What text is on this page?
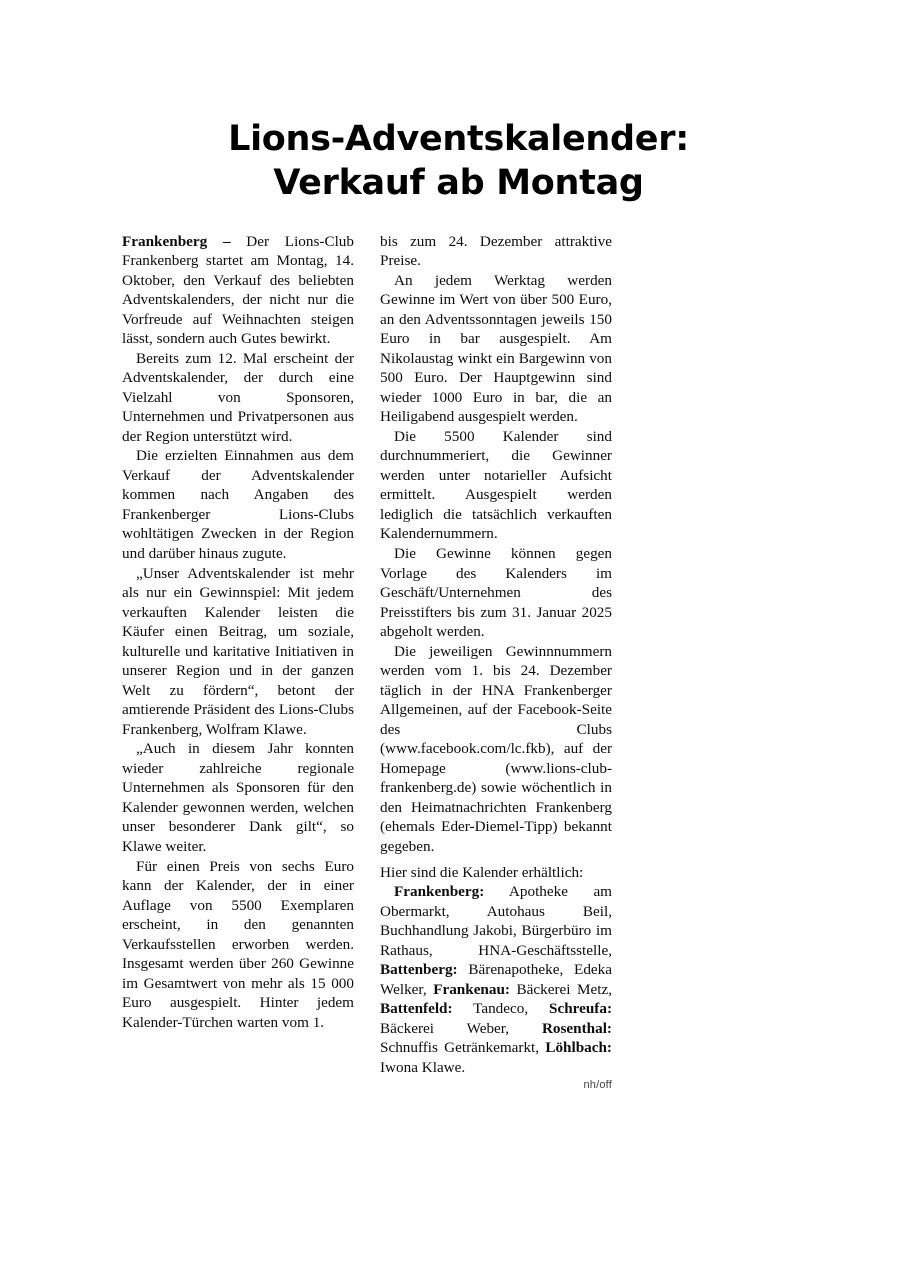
Lions-Adventskalender:
Verkauf ab Montag

Frankenberg – Der Lions-Club Frankenberg startet am Montag, 14. Oktober, den Verkauf des beliebten Adventskalenders, der nicht nur die Vorfreude auf Weihnachten steigen lässt, sondern auch Gutes bewirkt.

Bereits zum 12. Mal erscheint der Adventskalender, der durch eine Vielzahl von Sponsoren, Unternehmen und Privatpersonen aus der Region unterstützt wird.

Die erzielten Einnahmen aus dem Verkauf der Adventskalender kommen nach Angaben des Frankenberger Lions-Clubs wohltätigen Zwecken in der Region und darüber hinaus zugute.

„Unser Adventskalender ist mehr als nur ein Gewinnspiel: Mit jedem verkauften Kalender leisten die Käufer einen Beitrag, um soziale, kulturelle und karitative Initiativen in unserer Region und in der ganzen Welt zu fördern“, betont der amtierende Präsident des Lions-Clubs Frankenberg, Wolfram Klawe.

„Auch in diesem Jahr konnten wieder zahlreiche regionale Unternehmen als Sponsoren für den Kalender gewonnen werden, welchen unser besonderer Dank gilt“, so Klawe weiter.

Für einen Preis von sechs Euro kann der Kalender, der in einer Auflage von 5500 Exemplaren erscheint, in den genannten Verkaufsstellen erworben werden. Insgesamt werden über 260 Gewinne im Gesamtwert von mehr als 15 000 Euro ausgespielt. Hinter jedem Kalender-Türchen warten vom 1.

bis zum 24. Dezember attraktive Preise.

An jedem Werktag werden Gewinne im Wert von über 500 Euro, an den Adventssonntagen jeweils 150 Euro in bar ausgespielt. Am Nikolaustag winkt ein Bargewinn von 500 Euro. Der Hauptgewinn sind wieder 1000 Euro in bar, die an Heiligabend ausgespielt werden.

Die 5500 Kalender sind durchnummeriert, die Gewinner werden unter notarieller Aufsicht ermittelt. Ausgespielt werden lediglich die tatsächlich verkauften Kalendernummern.

Die Gewinne können gegen Vorlage des Kalenders im Geschäft/Unternehmen des Preisstifters bis zum 31. Januar 2025 abgeholt werden.

Die jeweiligen Gewinnnummern werden vom 1. bis 24. Dezember täglich in der HNA Frankenberger Allgemeinen, auf der Facebook-Seite des Clubs (www.facebook.com/lc.fkb), auf der Homepage (www.lions-club-frankenberg.de) sowie wöchentlich in den Heimatnachrichten Frankenberg (ehemals Eder-Diemel-Tipp) bekannt gegeben.

Hier sind die Kalender erhältlich:

Frankenberg: Apotheke am Obermarkt, Autohaus Beil, Buchhandlung Jakobi, Bürgerbüro im Rathaus, HNA-Geschäftsstelle, Battenberg: Bärenapotheke, Edeka Welker, Frankenau: Bäckerei Metz, Battenfeld: Tandeco, Schreufa: Bäckerei Weber, Rosenthal: Schnuffis Getränkemarkt, Löhlbach: Iwona Klawe.

nh/off
